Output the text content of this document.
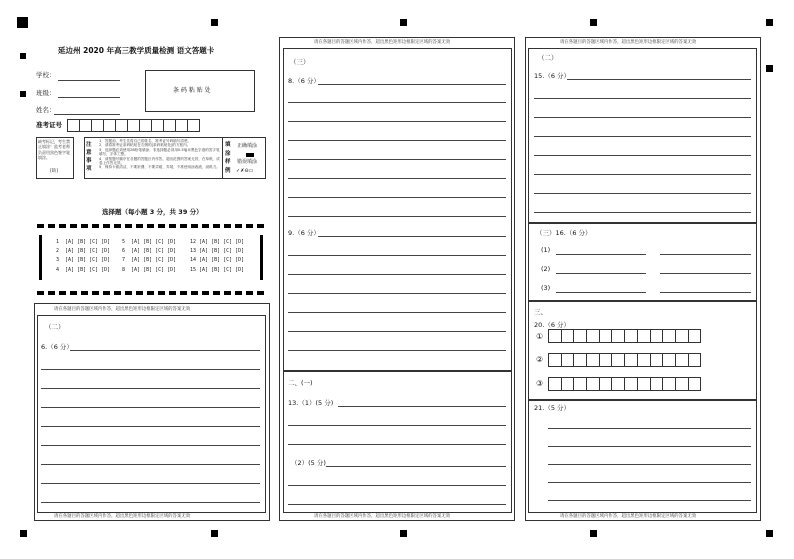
延边州 2020 年高三教学质量检测 语文答题卡
学校：
班级：
姓名：
条 码 粘 贴 处
准考证号
缺考标记，考生禁止填涂！监考老师负责用黑色签字笔填涂。
[缺]
注意事项
1．答题前，考生先将自己的姓名、准考证号码填写清楚。
2．请将准考证条码粘贴在右侧的[条码粘贴处]的方框内。
3．选择题必须使用2B铅笔填涂；非选择题必须用0.5毫米黑色字迹的签字笔填写，字体工整。
4．请按题号顺序在各题的答题区内作答，超出范围的答案无效，在草纸、试卷上作答无效。
5．保持卡面清洁，不要折叠、不要弄破、弄皱，不准使用涂改液、刮纸刀。
填涂样例
正确填涂
错误填涂
✓✗⊖▭
选择题（每小题 3 分，共 39 分）
1  [A] [B] [C] [D]
2  [A] [B] [C] [D]
3  [A] [B] [C] [D]
4  [A] [B] [C] [D]
5  [A] [B] [C] [D]
6  [A] [B] [C] [D]
7  [A] [B] [C] [D]
8  [A] [B] [C] [D]
12 [A] [B] [C] [D]
13 [A] [B] [C] [D]
14 [A] [B] [C] [D]
15 [A] [B] [C] [D]
请在各题目的答题区域内作答，超出黑色矩形边框限定区域的答案无效
（二）
6.（6 分）
请在各题目的答题区域内作答，超出黑色矩形边框限定区域的答案无效
请在各题目的答题区域内作答，超出黑色矩形边框限定区域的答案无效
（三）
8.（6 分）
9.（6 分）
二、(一)
13.（1）(5 分)
（2）(5 分)
请在各题目的答题区域内作答，超出黑色矩形边框限定区域的答案无效
请在各题目的答题区域内作答，超出黑色矩形边框限定区域的答案无效
（二）
15.（6 分）
（三）16.（6 分）
(1)
(2)
(3)
三、
20.（6 分）
①
②
③
21.（5 分）
请在各题目的答题区域内作答，超出黑色矩形边框限定区域的答案无效
